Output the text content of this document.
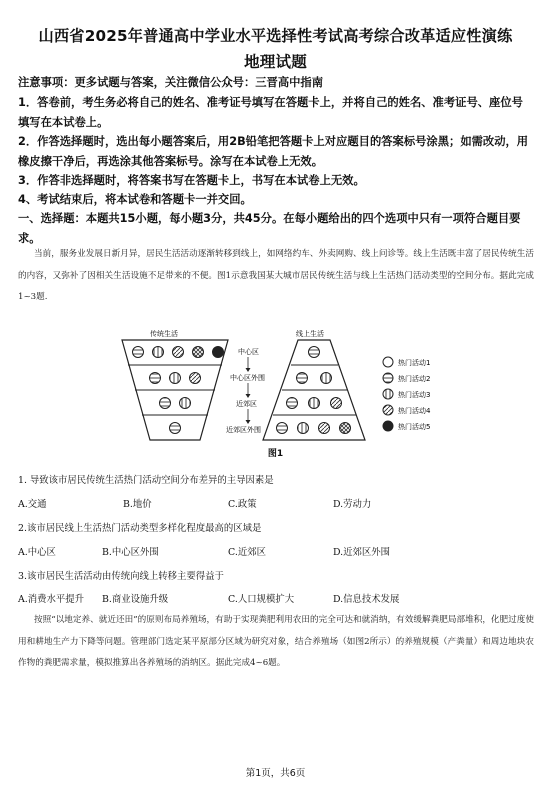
山西省2025年普通高中学业水平选择性考试高考综合改革适应性演练
地理试题
注意事项：更多试题与答案，关注微信公众号：三晋高中指南
1．答卷前，考生务必将自己的姓名、准考证号填写在答题卡上，并将自己的姓名、准考证号、座位号填写在本试卷上。
2．作答选择题时，选出每小题答案后，用2B铅笔把答题卡上对应题目的答案标号涂黑；如需改动，用橡皮擦干净后，再选涂其他答案标号。涂写在本试卷上无效。
3．作答非选择题时，将答案书写在答题卡上，书写在本试卷上无效。
4、考试结束后，将本试卷和答题卡一并交回。
一、选择题：本题共15小题，每小题3分，共45分。在每小题给出的四个选项中只有一项符合题目要求。
当前，服务业发展日新月异，居民生活活动逐渐转移到线上，如网络约车、外卖网购、线上问诊等。线上生活既丰富了居民传统生活的内容，又弥补了因相关生活设施不足带来的不便。图1示意我国某大城市居民传统生活与线上生活热门活动类型的空间分布。据此完成1~3题.
传统生活
中心区
中心区外围
近郊区
近郊区外围
线上生活
热门活动1
热门活动2
热门活动3
热门活动4
热门活动5
图1
1. 导致该市居民传统生活热门活动空间分布差异的主导因素是
A.交通	B.地价	C.政策	D.劳动力
2.该市居民线上生活热门活动类型多样化程度最高的区域是
A.中心区	B.中心区外围	C.近郊区	D.近郊区外围
3.该市居民生活活动由传统向线上转移主要得益于
A.消费水平提升 B.商业设施升级	C.人口规模扩大	D.信息技术发展
按照“以地定养、就近还田”的原则布局养殖场，有助于实现粪肥利用农田的完全可达和就消纳，有效缓解粪肥局部堆积，化肥过度使用和耕地生产力下降等问题。管理部门选定某平原部分区域为研究对象，结合养殖场（如图2所示）的养殖规模（产粪量）和周边地块农作物的粪肥需求量，模拟推算出各养殖场的消纳区。据此完成4~6题。
第1页，共6页
